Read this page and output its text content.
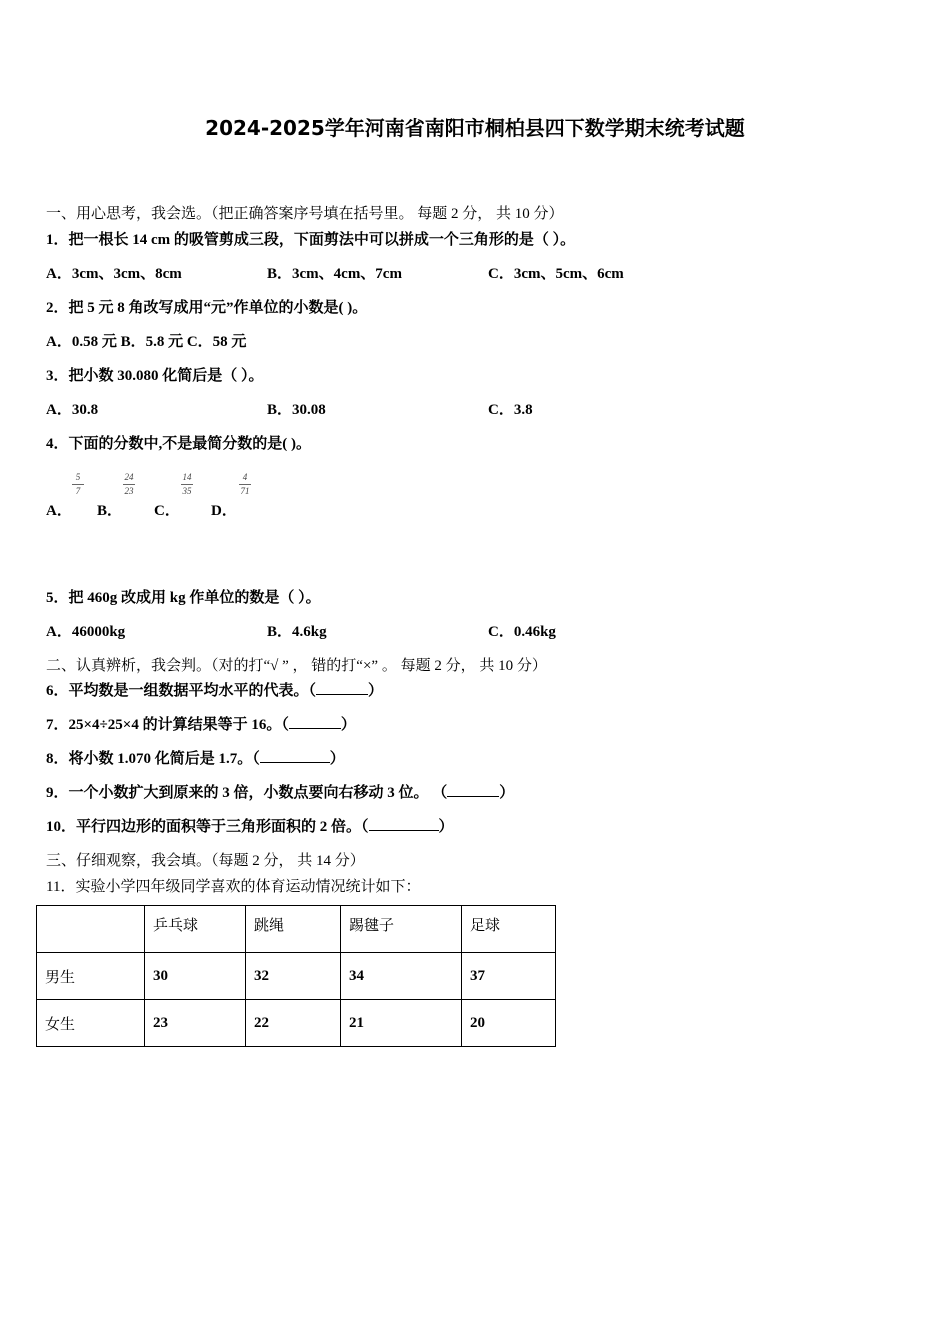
2024-2025学年河南省南阳市桐柏县四下数学期末统考试题
一、用心思考，我会选。（把正确答案序号填在括号里。 每题 2 分， 共 10 分）
1．把一根长 14 cm 的吸管剪成三段，下面剪法中可以拼成一个三角形的是（ ）。
A．3cm、3cm、8cm	B．3cm、4cm、7cm	C．3cm、5cm、6cm
2．把 5 元 8 角改写成用“元”作单位的小数是( )。
A．0.58 元 B．5.8 元 C．58 元
3．把小数 30.080 化简后是（ ）。
A．30.8	B．30.08	C．3.8
4．下面的分数中,不是最简分数的是( )。
A．
5
7
B．
24
23
C．
14
35
D．
4
71
5．把 460g 改成用 kg 作单位的数是（ ）。
A．46000kg	B．4.6kg	C．0.46kg
二、认真辨析，我会判。（对的打“√ ” ， 错的打“×” 。 每题 2 分， 共 10 分）
6．平均数是一组数据平均水平的代表。（	）
7．25×4÷25×4 的计算结果等于 16。（	）
8．将小数 1.070 化简后是 1.7。（	）
9．一个小数扩大到原来的 3 倍，小数点要向右移动 3 位。 （	）
10．平行四边形的面积等于三角形面积的 2 倍。（	）
三、仔细观察，我会填。（每题 2 分， 共 14 分）
11．实验小学四年级同学喜欢的体育运动情况统计如下：
	乒乓球	跳绳	踢毽子	足球
男生	30	32	34	37
女生	23	22	21	20
